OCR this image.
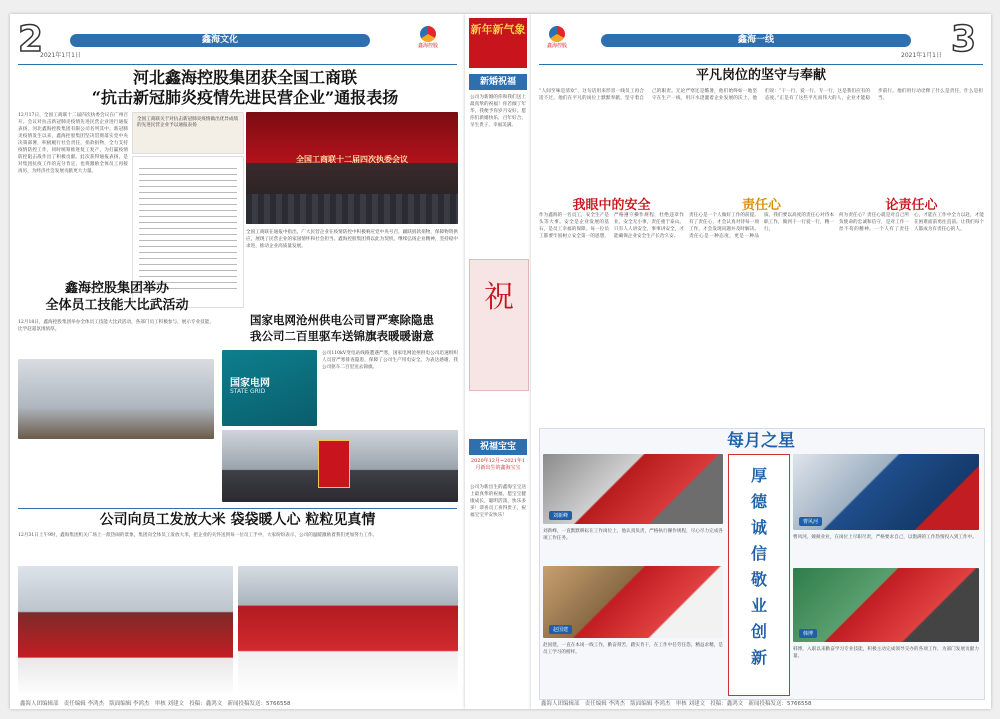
2	鑫海文化
2021年1月1日
鑫海控股
河北鑫海控股集团获全国工商联
“抗击新冠肺炎疫情先进民营企业”通报表扬
12月17日，全国工商联十二届四次执委会议在广州召开。会议对抗击新冠肺炎疫情先进民营企业进行通报表扬，河北鑫海控股集团有限公司名列其中。新冠肺炎疫情发生以来，鑫海控股集团坚决贯彻落实党中央决策部署，积极履行社会责任，捐款捐物，全力支持疫情防控工作，同时统筹推进复工复产，为打赢疫情防控阻击战作出了积极贡献。此次获得通报表扬，是对集团抗疫工作的充分肯定，也将激励全体员工再接再厉，为经济社会发展贡献更大力量。
全国工商联关于对抗击新冠肺炎疫情做出优异成绩的先进民营企业予以通报表扬
全国工商联十二届四次执委会议
全国工商联在通报中指出，广大民营企业在疫情防控中积极响应党中央号召，踊跃捐款捐物，保障物资供应，展现了民营企业的家国情怀和社会担当。鑫海控股集团将以此为契机，继续弘扬企业精神，坚持稳中求进，推动企业高质量发展。
鑫海控股集团举办
全体员工技能大比武活动
国家电网沧州供电公司冒严寒除隐患
我公司二百里驱车送锦旗表暖暖谢意
12月18日，鑫海控股集团举办全体员工技能大比武活动，各部门员工积极参与，展示专业技能，比学赶超氛围浓厚。
国家电网
STATE GRID
公司110kV变电站线路遭遇严寒，国家电网沧州供电公司迅速组织人员冒严寒排查隐患，保障了公司生产用电安全。为表达感谢，我公司驱车二百里送去锦旗。
公司向员工发放大米 袋袋暖人心 粒粒见真情
12月31日上午9时，鑫海集团机关广场上一派热闹的景象，集团向全体员工发放大米，把企业的关怀送到每一位员工手中，大家纷纷表示，公司的温暖激励着我们更加努力工作。
鑫海人团编辑部 责任编辑 李鸿杰 版面编辑 李鸿杰 审核 刘建文 投稿：鑫鸿文 新闻投稿发送：5766558
新年新气象
新婚祝福
公司为新婚的你和我们送上最真挚的祝福！你若倾了年华，我便予你岁月安好。愿你们新婚快乐，百年好合，早生贵子，幸福美满。
祝
祝福宝宝
2020年12月~2021年1月新出生的鑫海宝宝
公司为新出生的鑫海宝宝送上最真挚的祝福，愿宝宝健康成长，聪明活泼，快乐多多！恭喜员工喜得贵子，祝福宝宝平安快乐！
鑫海控股
鑫海一线
2021年1月1日 3
平凡岗位的坚守与奉献
“人间至味是清欢”，这句话用来形容一线员工再合适不过。他们在平凡的岗位上默默奉献，坚守着自己的职责。无论严寒还是酷暑，他们始终如一地坚守在生产一线，用汗水浇灌着企业发展的沃土。他们说：“干一行，爱一行，专一行，这是我们应有的态度。”正是有了这些平凡而伟大的人，企业才能稳步前行。他们用行动诠释了什么是责任，什么是担当。
我眼中的安全	责任心	论责任心
作为鑫海的一名员工，安全生产是头等大事。安全是企业发展的基石，是员工幸福的保障。每一位员工都要牢固树立安全第一的思想，严格遵守操作规程，杜绝违章作业。安全无小事，责任重于泰山。只有人人讲安全，事事讲安全，才能确保企业安全生产长治久安。
责任心是一个人做好工作的前提。有了责任心，才会认真对待每一项工作，才会发现问题并及时解决。责任心是一种态度，更是一种品质。我们要以高度的责任心对待本职工作，做到干一行爱一行，精一行。
何为责任心？责任心就是对自己所负使命的忠诚和信守，是对工作一丝不苟的精神。一个人有了责任心，才能在工作中全力以赴，才能在困难面前勇往直前。让我们每个人都成为有责任心的人。
每月之星
刘新峰
曹风河
厚
德
诚
信
敬
业
创
新
刘新峰，一直默默耕耘在工作岗位上，他认真负责，严格执行操作规程，尽心尽力完成各项工作任务。	曹风河，兢兢业业，在岗位上尽职尽责，严格要求自己，以饱满的工作热情投入到工作中。
赵国建
韩博
赵国建，一直在本岗一线工作，勤奋刻苦，踏实肯干，在工作中任劳任怨，精益求精，是员工学习的榜样。
韩博，入职以来勤奋学习专业技能，积极主动完成领导交办的各项工作，为部门发展贡献力量。
鑫海人团编辑部 责任编辑 李鸿杰 版面编辑 李鸿杰 审核 刘建文 投稿：鑫鸿文 新闻投稿发送：5766558
